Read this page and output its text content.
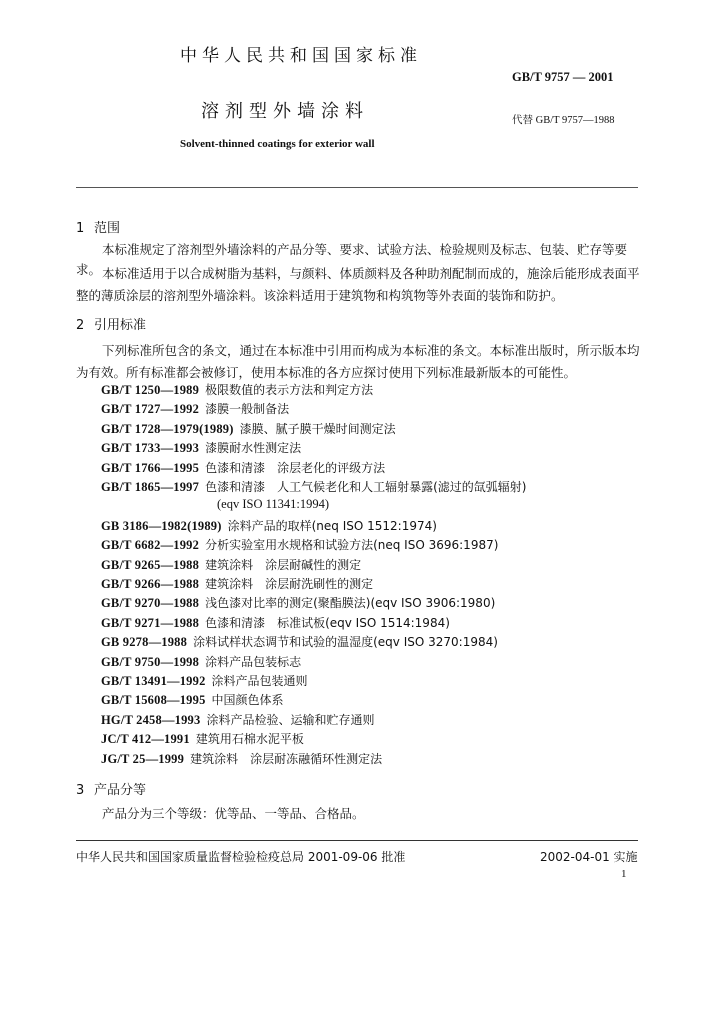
中华人民共和国国家标准
GB/T 9757 — 2001
溶剂型外墙涂料	代替 GB/T 9757—1988
Solvent-thinned coatings for exterior wall
1 范围
本标准规定了溶剂型外墙涂料的产品分等、要求、试验方法、检验规则及标志、包装、贮存等要求。 本标准适用于以合成树脂为基料，与颜料、体质颜料及各种助剂配制而成的，施涂后能形成表面平整的薄质涂层的溶剂型外墙涂料。该涂料适用于建筑物和构筑物等外表面的装饰和防护。
2 引用标准
下列标准所包含的条文，通过在本标准中引用而构成为本标准的条文。本标准出版时，所示版本均为有效。所有标准都会被修订，使用本标准的各方应探讨使用下列标准最新版本的可能性。
GB/T 1250—1989 极限数值的表示方法和判定方法
GB/T 1727—1992 漆膜一般制备法
GB/T 1728—1979(1989) 漆膜、腻子膜干燥时间测定法
GB/T 1733—1993 漆膜耐水性测定法
GB/T 1766—1995 色漆和清漆　涂层老化的评级方法
GB/T 1865—1997 色漆和清漆　人工气候老化和人工辐射暴露(滤过的氙弧辐射)
(eqv ISO 11341:1994)
GB 3186—1982(1989) 涂料产品的取样(neq ISO 1512:1974)
GB/T 6682—1992 分析实验室用水规格和试验方法(neq ISO 3696:1987)
GB/T 9265—1988 建筑涂料　涂层耐碱性的测定
GB/T 9266—1988 建筑涂料　涂层耐洗刷性的测定
GB/T 9270—1988 浅色漆对比率的测定(聚酯膜法)(eqv ISO 3906:1980)
GB/T 9271—1988 色漆和清漆　标准试板(eqv ISO 1514:1984)
GB 9278—1988 涂料试样状态调节和试验的温湿度(eqv ISO 3270:1984)
GB/T 9750—1998 涂料产品包装标志
GB/T 13491—1992 涂料产品包装通则
GB/T 15608—1995 中国颜色体系
HG/T 2458—1993 涂料产品检验、运输和贮存通则
JC/T 412—1991 建筑用石棉水泥平板
JG/T 25—1999 建筑涂料　涂层耐冻融循环性测定法
3 产品分等
产品分为三个等级：优等品、一等品、合格品。
中华人民共和国国家质量监督检验检疫总局 2001-09-06 批准	2002-04-01 实施
1
